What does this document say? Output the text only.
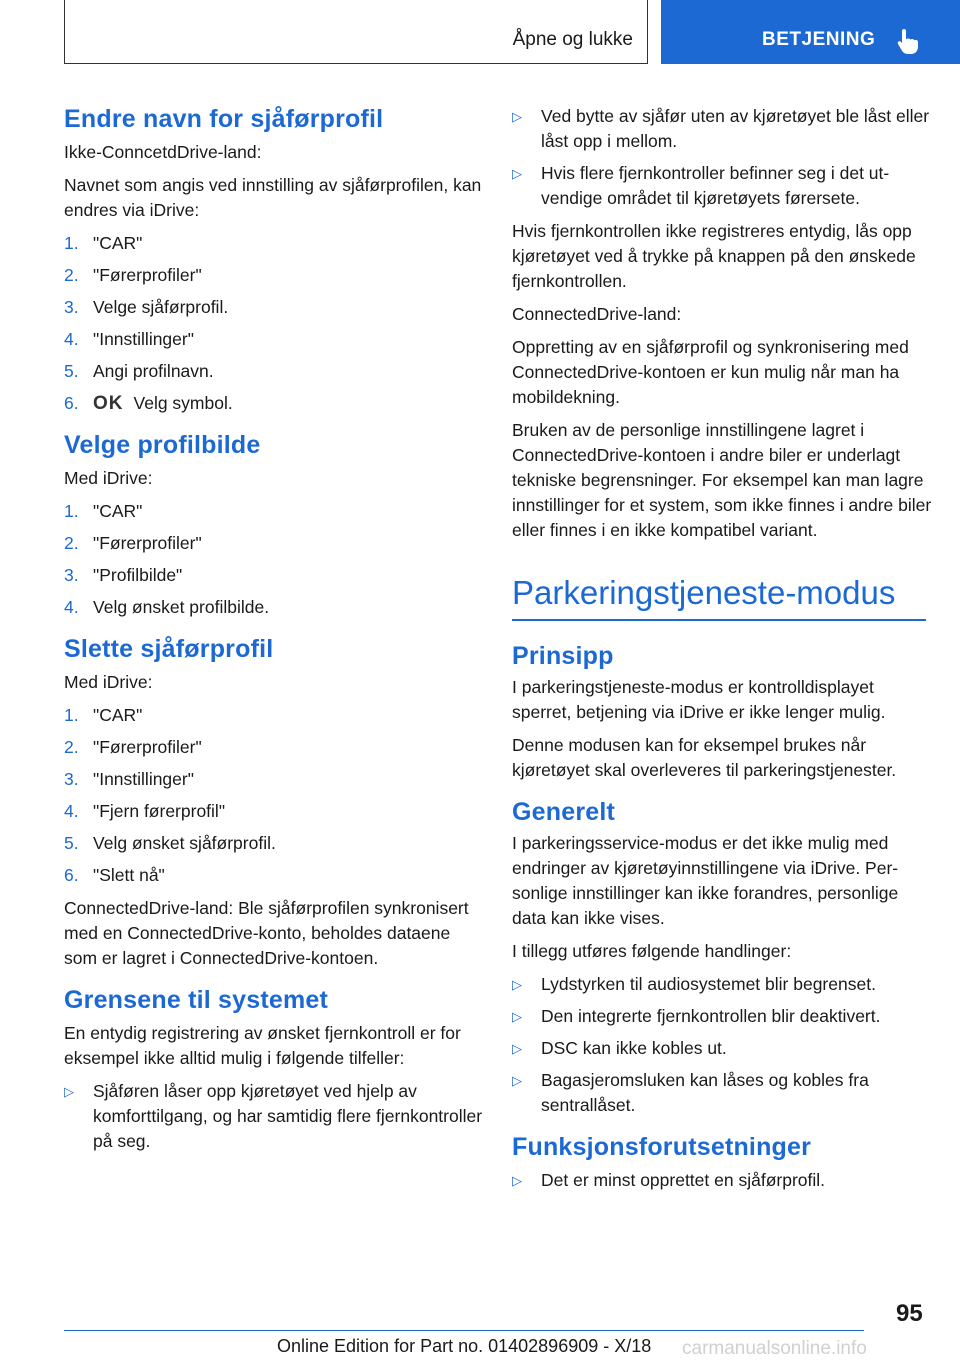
Åpne og lukke	BETJENING
Endre navn for sjåførprofil

Ikke-ConncetdDrive-land:

Navnet som angis ved innstilling av sjåførprofilen, kan endres via iDrive:

1. "CAR"
2. "Førerprofiler"
3. Velge sjåførprofil.
4. "Innstillinger"
5. Angi profilnavn.
6. OK Velg symbol.
Velge profilbilde

Med iDrive:

1. "CAR"
2. "Førerprofiler"
3. "Profilbilde"
4. Velg ønsket profilbilde.
Slette sjåførprofil

Med iDrive:

1. "CAR"
2. "Førerprofiler"
3. "Innstillinger"
4. "Fjern førerprofil"
5. Velg ønsket sjåførprofil.
6. "Slett nå"

ConnectedDrive-land: Ble sjåførprofilen synkronisert med en ConnectedDrive-konto, beholdes dataene som er lagret i ConnectedDrive-kontoen.

Grensene til systemet

En entydig registrering av ønsket fjernkontroll er for eksempel ikke alltid mulig i følgende tilfeller:

▷	Sjåføren låser opp kjøretøyet ved hjelp av komforttilgang, og har samtidig flere fjernkontroller på seg.
▷	Ved bytte av sjåfør uten av kjøretøyet ble låst eller låst opp i mellom.
▷	Hvis flere fjernkontroller befinner seg i det utvendige området til kjøretøyets førersete.

Hvis fjernkontrollen ikke registreres entydig, lås opp kjøretøyet ved å trykke på knappen på den ønskede fjernkontrollen.

ConnectedDrive-land:

Oppretting av en sjåførprofil og synkronisering med ConnectedDrive-kontoen er kun mulig når man ha mobildekning.

Bruken av de personlige innstillingene lagret i ConnectedDrive-kontoen i andre biler er underlagt tekniske begrensninger. For eksempel kan man lagre innstillinger for et system, som ikke finnes i andre biler eller finnes i en ikke kompatibel variant.

Parkeringstjeneste-modus
Prinsipp

I parkeringstjeneste-modus er kontrolldisplayet sperret, betjening via iDrive er ikke lenger mulig.

Denne modusen kan for eksempel brukes når kjøretøyet skal overleveres til parkeringstjenester.

Generelt

I parkeringsservice-modus er det ikke mulig med endringer av kjøretøyinnstillingene via iDrive. Personlige innstillinger kan ikke forandres, personlige data kan ikke vises.

I tillegg utføres følgende handlinger:

▷	Lydstyrken til audiosystemet blir begrenset.
▷	Den integrerte fjernkontrollen blir deaktivert.
▷	DSC kan ikke kobles ut.
▷	Bagasjeromsluken kan låses og kobles fra sentrallåset.
Funksjonsforutsetninger
▷	Det er minst opprettet en sjåførprofil.
95
Online Edition for Part no. 01402896909 - X/18 carmanualsonline.info
